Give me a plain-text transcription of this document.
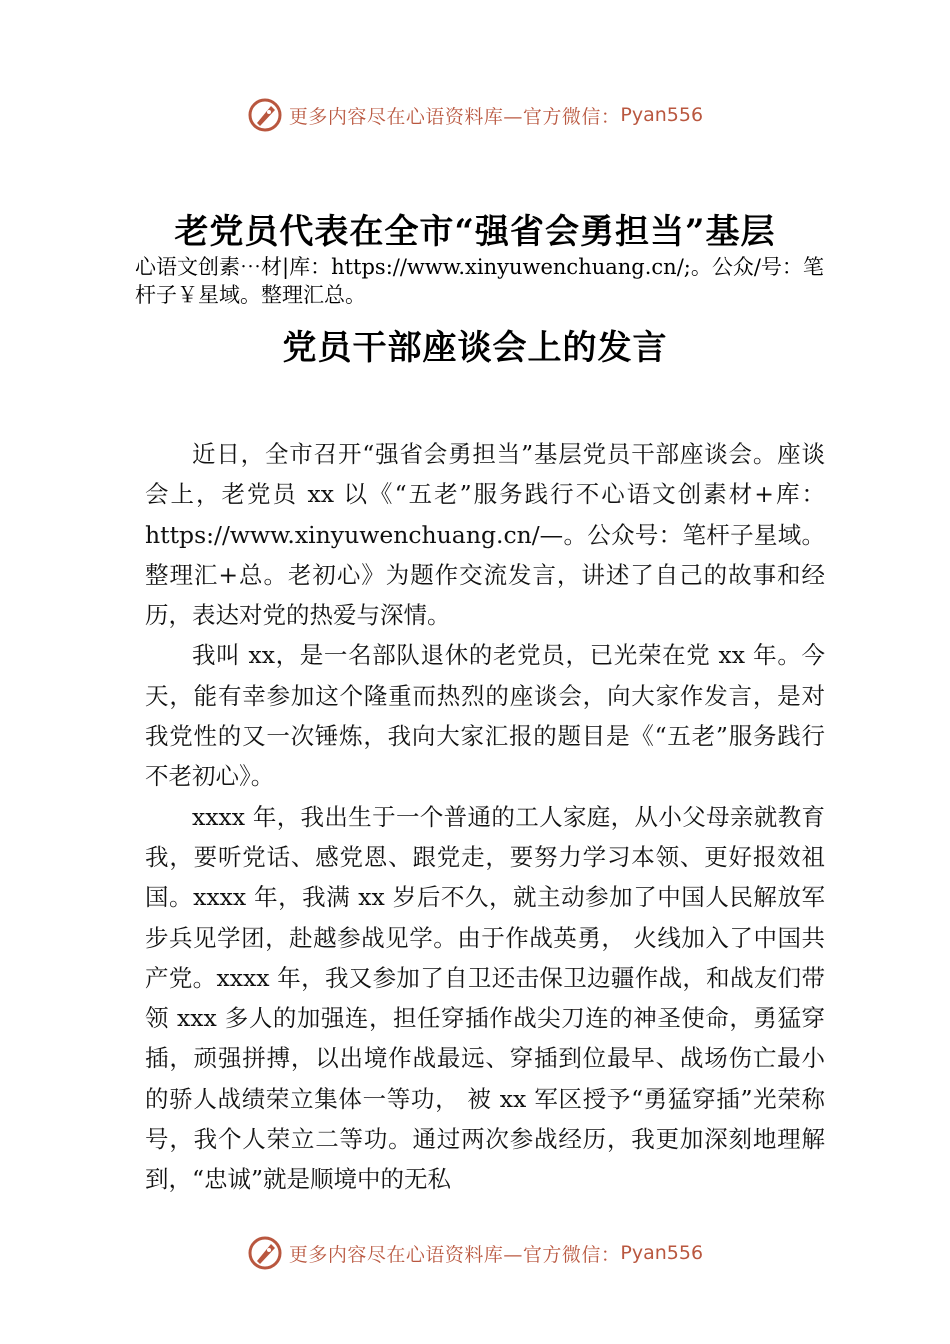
更多内容尽在心语资料库—官方微信： Pyan556
老党员代表在全市“强省会勇担当”基层
心语文创素⋯材|库：https://www.xinyuwenchuang.cn/;。公众/号：笔杆子￥星域。整理汇总。
党员干部座谈会上的发言

近日，全市召开“强省会勇担当”基层党员干部座谈会。座谈会上，老党员 xx 以《“五老”服务践行不心语文创素材+库：https://www.xinyuwenchuang.cn/—。公众号：笔杆子星域。整理汇+总。老初心》为题作交流发言，讲述了自己的故事和经历，表达对党的热爱与深情。

我叫 xx，是一名部队退休的老党员，已光荣在党 xx 年。今天，能有幸参加这个隆重而热烈的座谈会，向大家作发言，是对我党性的又一次锤炼，我向大家汇报的题目是《“五老”服务践行不老初心》。

xxxx 年，我出生于一个普通的工人家庭，从小父母亲就教育我，要听党话、感党恩、跟党走，要努力学习本领、更好报效祖国。xxxx 年，我满 xx 岁后不久，就主动参加了中国人民解放军步兵见学团，赴越参战见学。由于作战英勇， 火线加入了中国共产党。xxxx 年，我又参加了自卫还击保卫边疆作战，和战友们带领 xxx 多人的加强连，担任穿插作战尖刀连的神圣使命，勇猛穿插，顽强拼搏，以出境作战最远、穿插到位最早、战场伤亡最小的骄人战绩荣立集体一等功， 被 xx 军区授予“勇猛穿插”光荣称号，我个人荣立二等功。通过两次参战经历，我更加深刻地理解到，“忠诚”就是顺境中的无私

更多内容尽在心语资料库—官方微信： Pyan556
